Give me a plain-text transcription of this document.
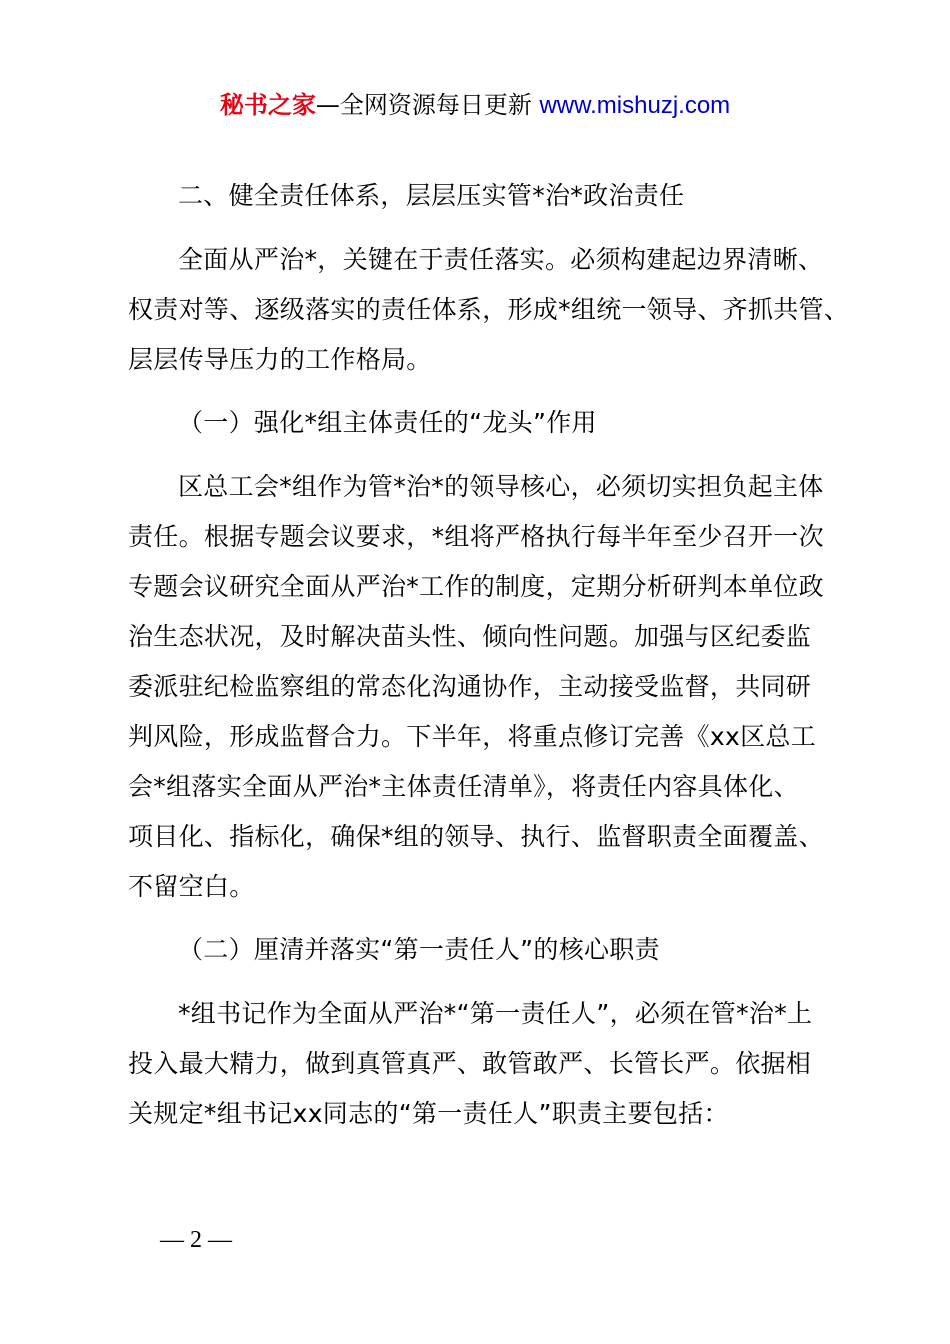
秘书之家—全网资源每日更新 www.mishuzj.com
二、健全责任体系，层层压实管*治*政治责任
全面从严治*，关键在于责任落实。必须构建起边界清晰、
权责对等、逐级落实的责任体系，形成*组统一领导、齐抓共管、
层层传导压力的工作格局。
（一）强化*组主体责任的“龙头”作用
区总工会*组作为管*治*的领导核心，必须切实担负起主体
责任。根据专题会议要求，*组将严格执行每半年至少召开一次
专题会议研究全面从严治*工作的制度，定期分析研判本单位政
治生态状况，及时解决苗头性、倾向性问题。加强与区纪委监
委派驻纪检监察组的常态化沟通协作，主动接受监督，共同研
判风险，形成监督合力。下半年，将重点修订完善《xx区总工
会*组落实全面从严治*主体责任清单》，将责任内容具体化、
项目化、指标化，确保*组的领导、执行、监督职责全面覆盖、
不留空白。
（二）厘清并落实“第一责任人”的核心职责
*组书记作为全面从严治*“第一责任人”，必须在管*治*上
投入最大精力，做到真管真严、敢管敢严、长管长严。依据相
关规定*组书记xx同志的“第一责任人”职责主要包括：
— 2 —
